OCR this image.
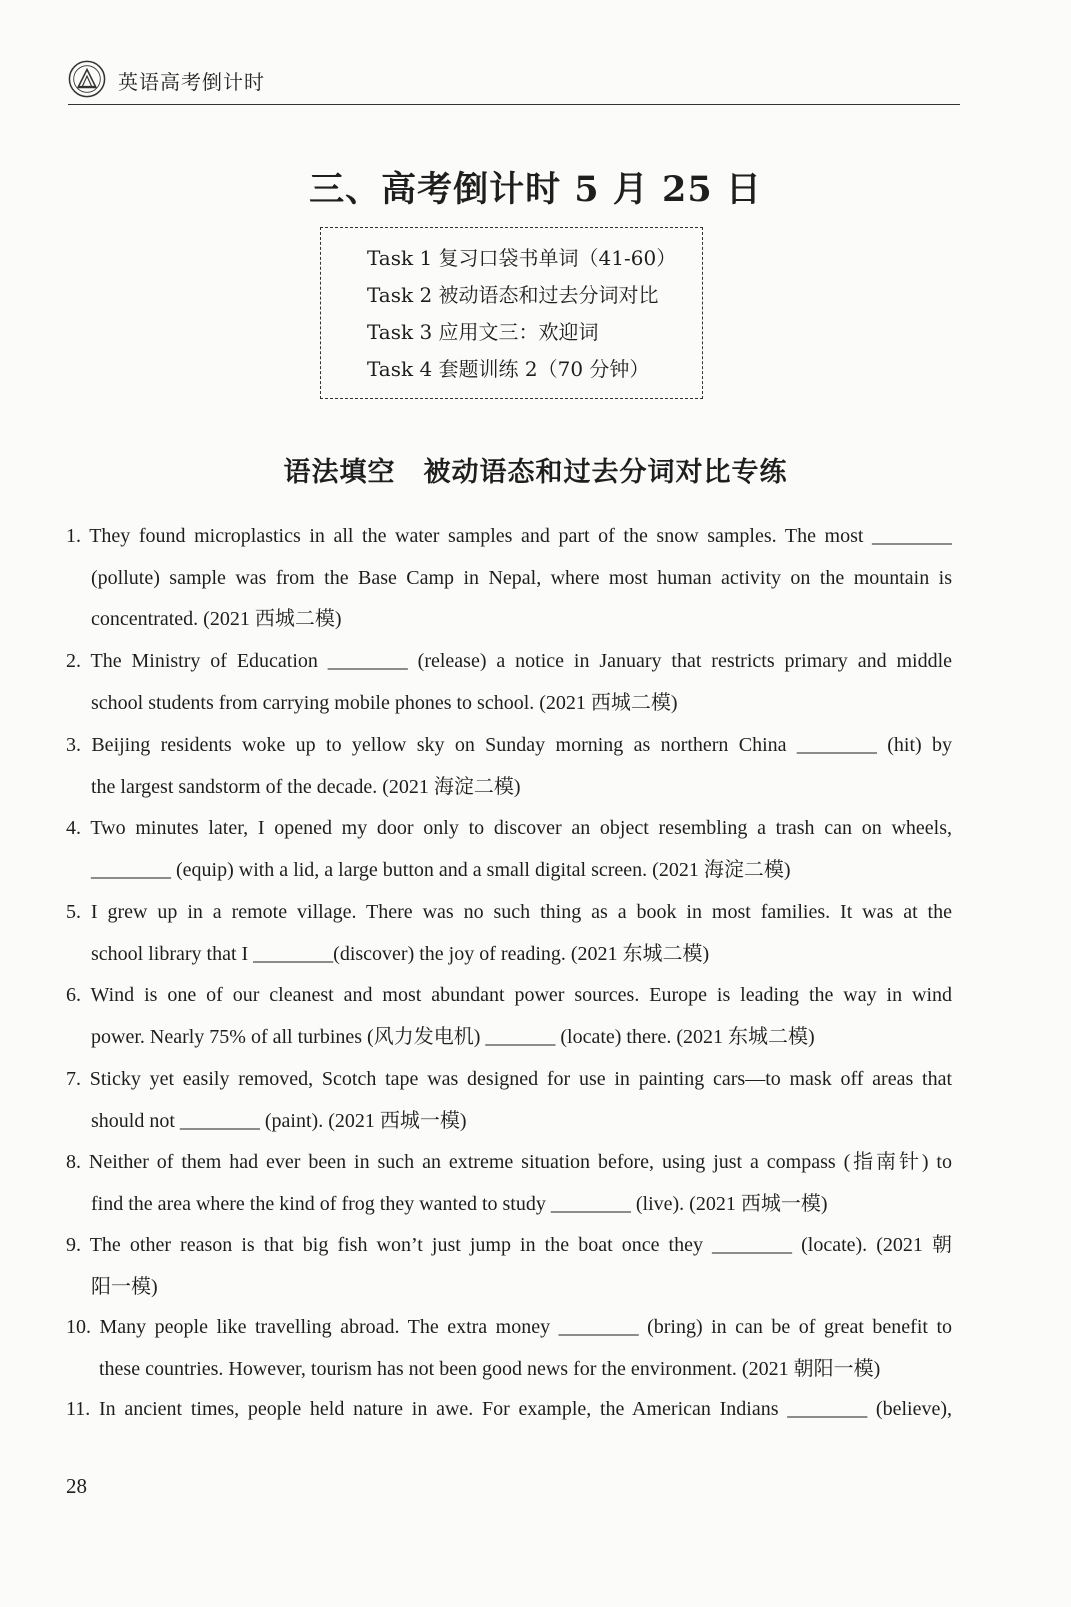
英语高考倒计时
三、高考倒计时 5 月 25 日
Task 1 复习口袋书单词（41-60）
Task 2 被动语态和过去分词对比
Task 3 应用文三：欢迎词
Task 4 套题训练 2（70 分钟）
语法填空　被动语态和过去分词对比专练
1. They found microplastics in all the water samples and part of the snow samples. The most ________
(pollute) sample was from the Base Camp in Nepal, where most human activity on the mountain is
concentrated. (2021 西城二模)
2. The Ministry of Education ________ (release) a notice in January that restricts primary and middle
school students from carrying mobile phones to school. (2021 西城二模)
3. Beijing residents woke up to yellow sky on Sunday morning as northern China ________ (hit) by
the largest sandstorm of the decade. (2021 海淀二模)
4. Two minutes later, I opened my door only to discover an object resembling a trash can on wheels,
________ (equip) with a lid, a large button and a small digital screen. (2021 海淀二模)
5. I grew up in a remote village. There was no such thing as a book in most families. It was at the
school library that I ________(discover) the joy of reading. (2021 东城二模)
6. Wind is one of our cleanest and most abundant power sources. Europe is leading the way in wind
power. Nearly 75% of all turbines (风力发电机) _______ (locate) there. (2021 东城二模)
7. Sticky yet easily removed, Scotch tape was designed for use in painting cars—to mask off areas that
should not ________ (paint). (2021 西城一模)
8. Neither of them had ever been in such an extreme situation before, using just a compass (指南针) to
find the area where the kind of frog they wanted to study ________ (live). (2021 西城一模)
9. The other reason is that big fish won’t just jump in the boat once they ________ (locate). (2021 朝
阳一模)
10. Many people like travelling abroad. The extra money ________ (bring) in can be of great benefit to
these countries. However, tourism has not been good news for the environment. (2021 朝阳一模)
11. In ancient times, people held nature in awe. For example, the American Indians ________ (believe),
28
